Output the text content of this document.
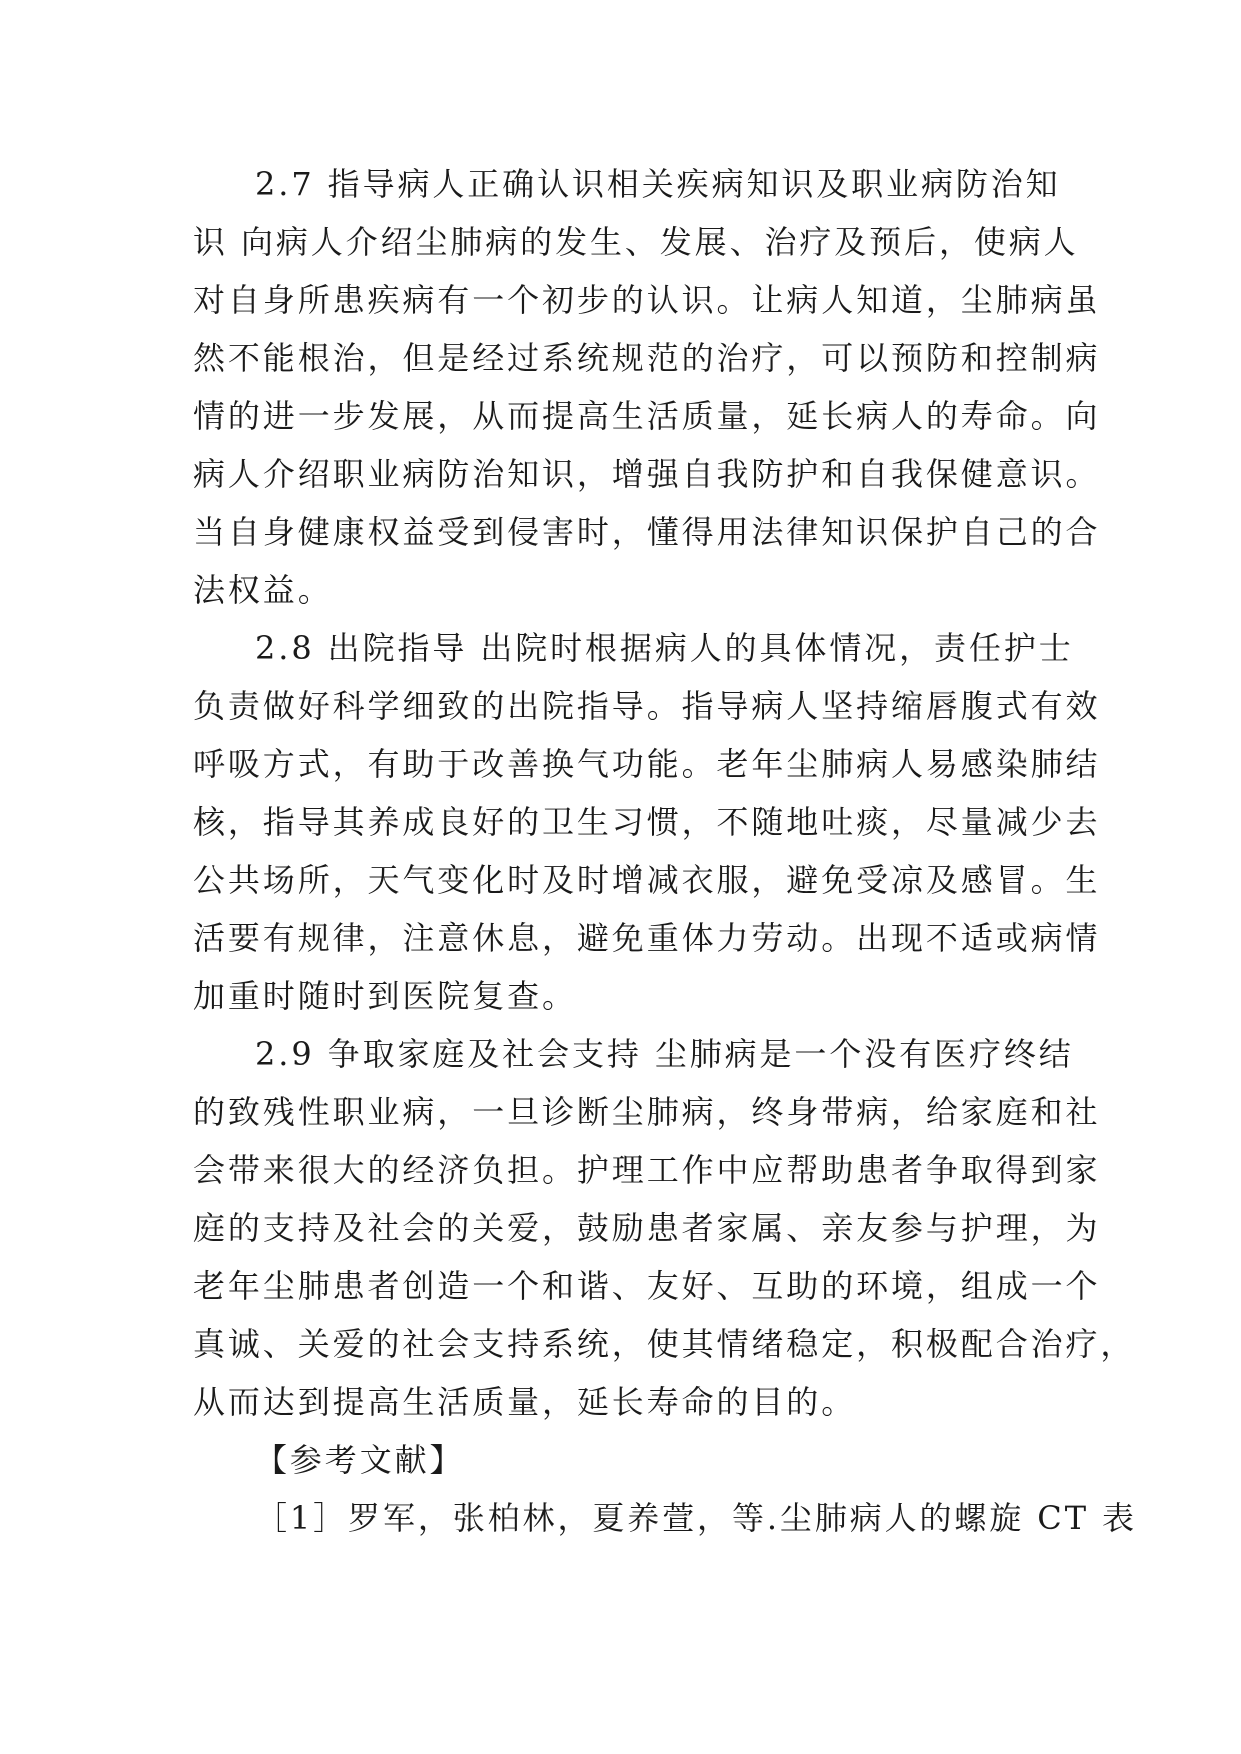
2.7 指导病人正确认识相关疾病知识及职业病防治知
识 向病人介绍尘肺病的发生、发展、治疗及预后，使病人
对自身所患疾病有一个初步的认识。让病人知道，尘肺病虽
然不能根治，但是经过系统规范的治疗，可以预防和控制病
情的进一步发展，从而提高生活质量，延长病人的寿命。向
病人介绍职业病防治知识，增强自我防护和自我保健意识。
当自身健康权益受到侵害时，懂得用法律知识保护自己的合
法权益。
2.8 出院指导 出院时根据病人的具体情况，责任护士
负责做好科学细致的出院指导。指导病人坚持缩唇腹式有效
呼吸方式，有助于改善换气功能。老年尘肺病人易感染肺结
核，指导其养成良好的卫生习惯，不随地吐痰，尽量减少去
公共场所，天气变化时及时增减衣服，避免受凉及感冒。生
活要有规律，注意休息，避免重体力劳动。出现不适或病情
加重时随时到医院复查。
2.9 争取家庭及社会支持 尘肺病是一个没有医疗终结
的致残性职业病，一旦诊断尘肺病，终身带病，给家庭和社
会带来很大的经济负担。护理工作中应帮助患者争取得到家
庭的支持及社会的关爱，鼓励患者家属、亲友参与护理，为
老年尘肺患者创造一个和谐、友好、互助的环境，组成一个
真诚、关爱的社会支持系统，使其情绪稳定，积极配合治疗，
从而达到提高生活质量，延长寿命的目的。
【参考文献】
［1］罗军，张柏林，夏养萱，等.尘肺病人的螺旋 CT 表
